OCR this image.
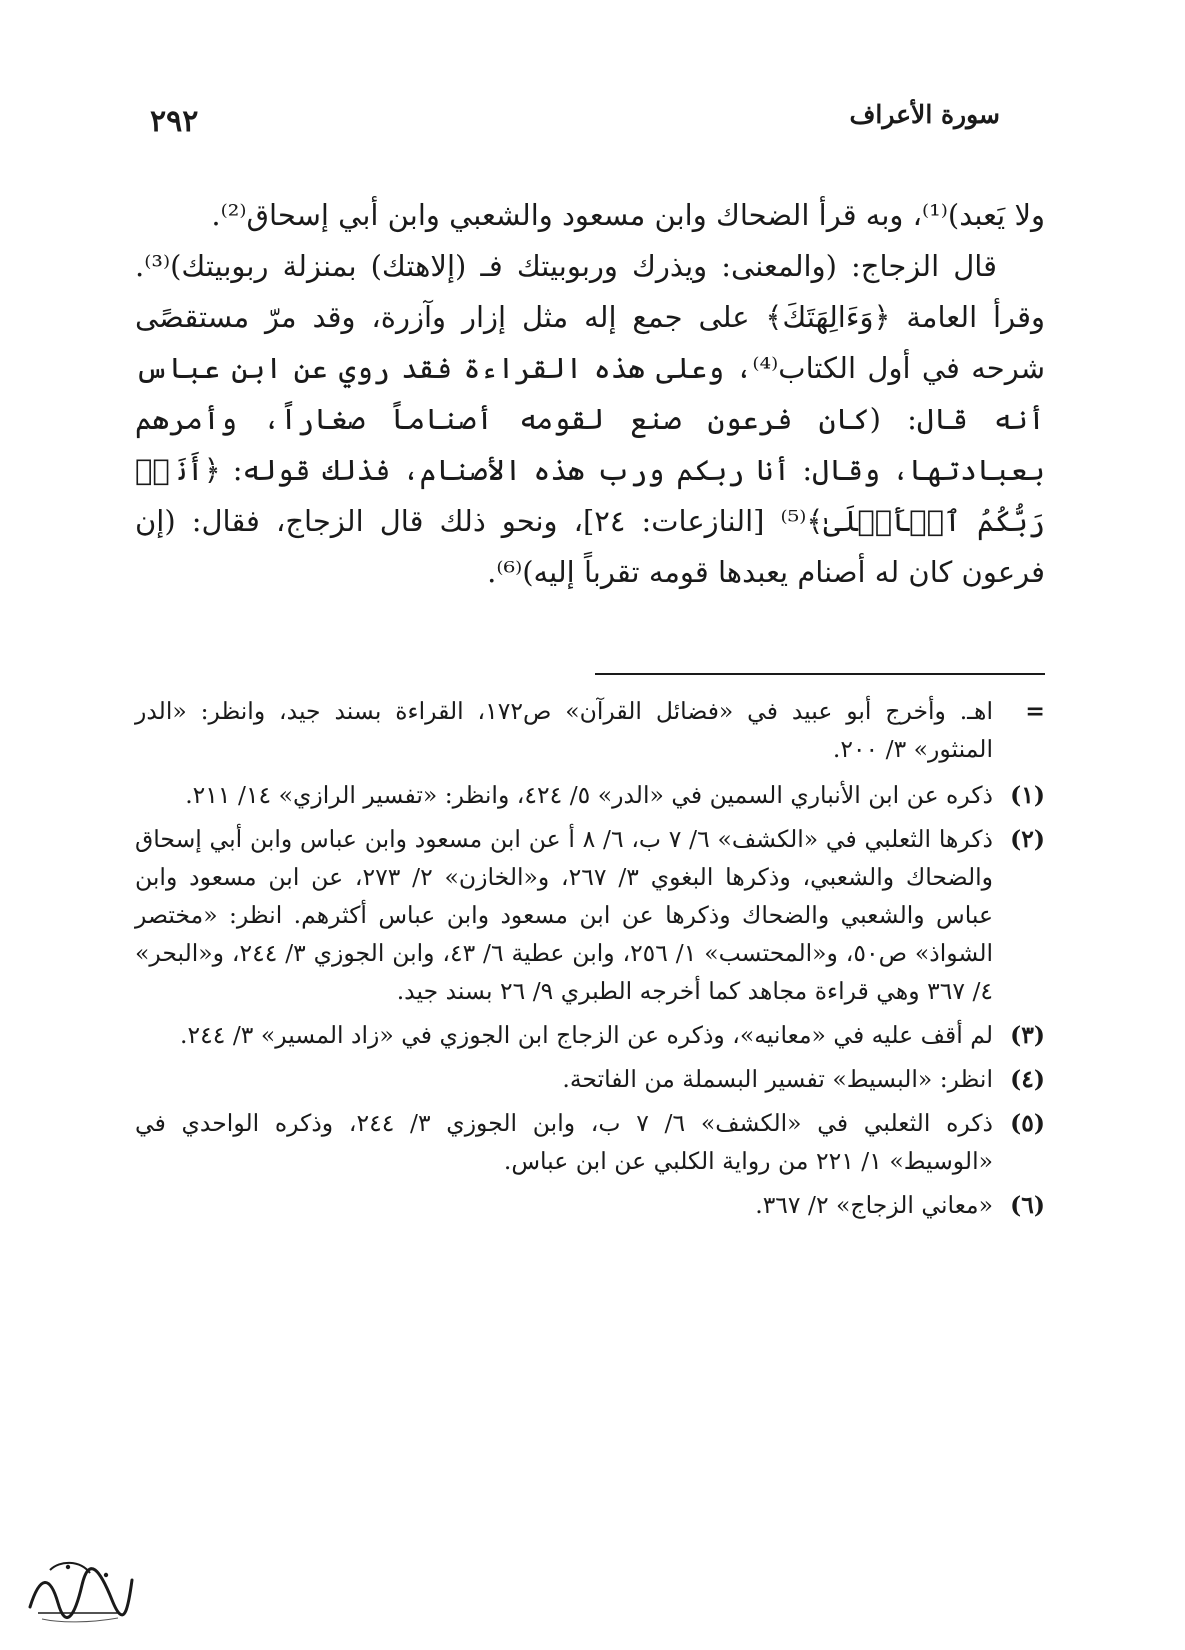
٢٩٢	سورة الأعراف

ولا يَعبد)⁽¹⁾، وبه قرأ الضحاك وابن مسعود والشعبي وابن أبي إسحاق⁽²⁾.

قال الزجاج: (والمعنى: ويذرك وربوبيتك فـ (إلاهتك) بمنزلة ربوبيتك)⁽³⁾. وقرأ العامة ﴿وَءَالِهَتَكَ﴾ على جمع إله مثل إزار وآزرة، وقد مرّ مستقصًى شرحه في أول الكتاب⁽⁴⁾، وعلى هذه القراءة فقد روي عن ابن عباس أنه قال: (كان فرعون صنع لقومه أصناماً صغاراً، وأمرهم بعبادتها، وقال: أنا ربكم ورب هذه الأصنام، فذلك قوله: ﴿أَنَا۠ رَبُّكُمُ ٱلۡأَعۡلَىٰ﴾⁽⁵⁾ [النازعات: ٢٤]، ونحو ذلك قال الزجاج، فقال: (إن فرعون كان له أصنام يعبدها قومه تقرباً إليه)⁽⁶⁾.

=
اهـ. وأخرج أبو عبيد في «فضائل القرآن» ص١٧٢، القراءة بسند جيد، وانظر: «الدر المنثور» ٣/ ٢٠٠.
(١)
ذكره عن ابن الأنباري السمين في «الدر» ٥/ ٤٢٤، وانظر: «تفسير الرازي» ١٤/ ٢١١.
(٢)
ذكرها الثعلبي في «الكشف» ٦/ ٧ ب، ٦/ ٨ أ عن ابن مسعود وابن عباس وابن أبي إسحاق والضحاك والشعبي، وذكرها البغوي ٣/ ٢٦٧، و«الخازن» ٢/ ٢٧٣، عن ابن مسعود وابن عباس والشعبي والضحاك وذكرها عن ابن مسعود وابن عباس أكثرهم. انظر: «مختصر الشواذ» ص٥٠، و«المحتسب» ١/ ٢٥٦، وابن عطية ٦/ ٤٣، وابن الجوزي ٣/ ٢٤٤، و«البحر» ٤/ ٣٦٧ وهي قراءة مجاهد كما أخرجه الطبري ٩/ ٢٦ بسند جيد.
(٣)
لم أقف عليه في «معانيه»، وذكره عن الزجاج ابن الجوزي في «زاد المسير» ٣/ ٢٤٤.
(٤)
انظر: «البسيط» تفسير البسملة من الفاتحة.
(٥)
ذكره الثعلبي في «الكشف» ٦/ ٧ ب، وابن الجوزي ٣/ ٢٤٤، وذكره الواحدي في «الوسيط» ١/ ٢٢١ من رواية الكلبي عن ابن عباس.
(٦)
«معاني الزجاج» ٢/ ٣٦٧.
